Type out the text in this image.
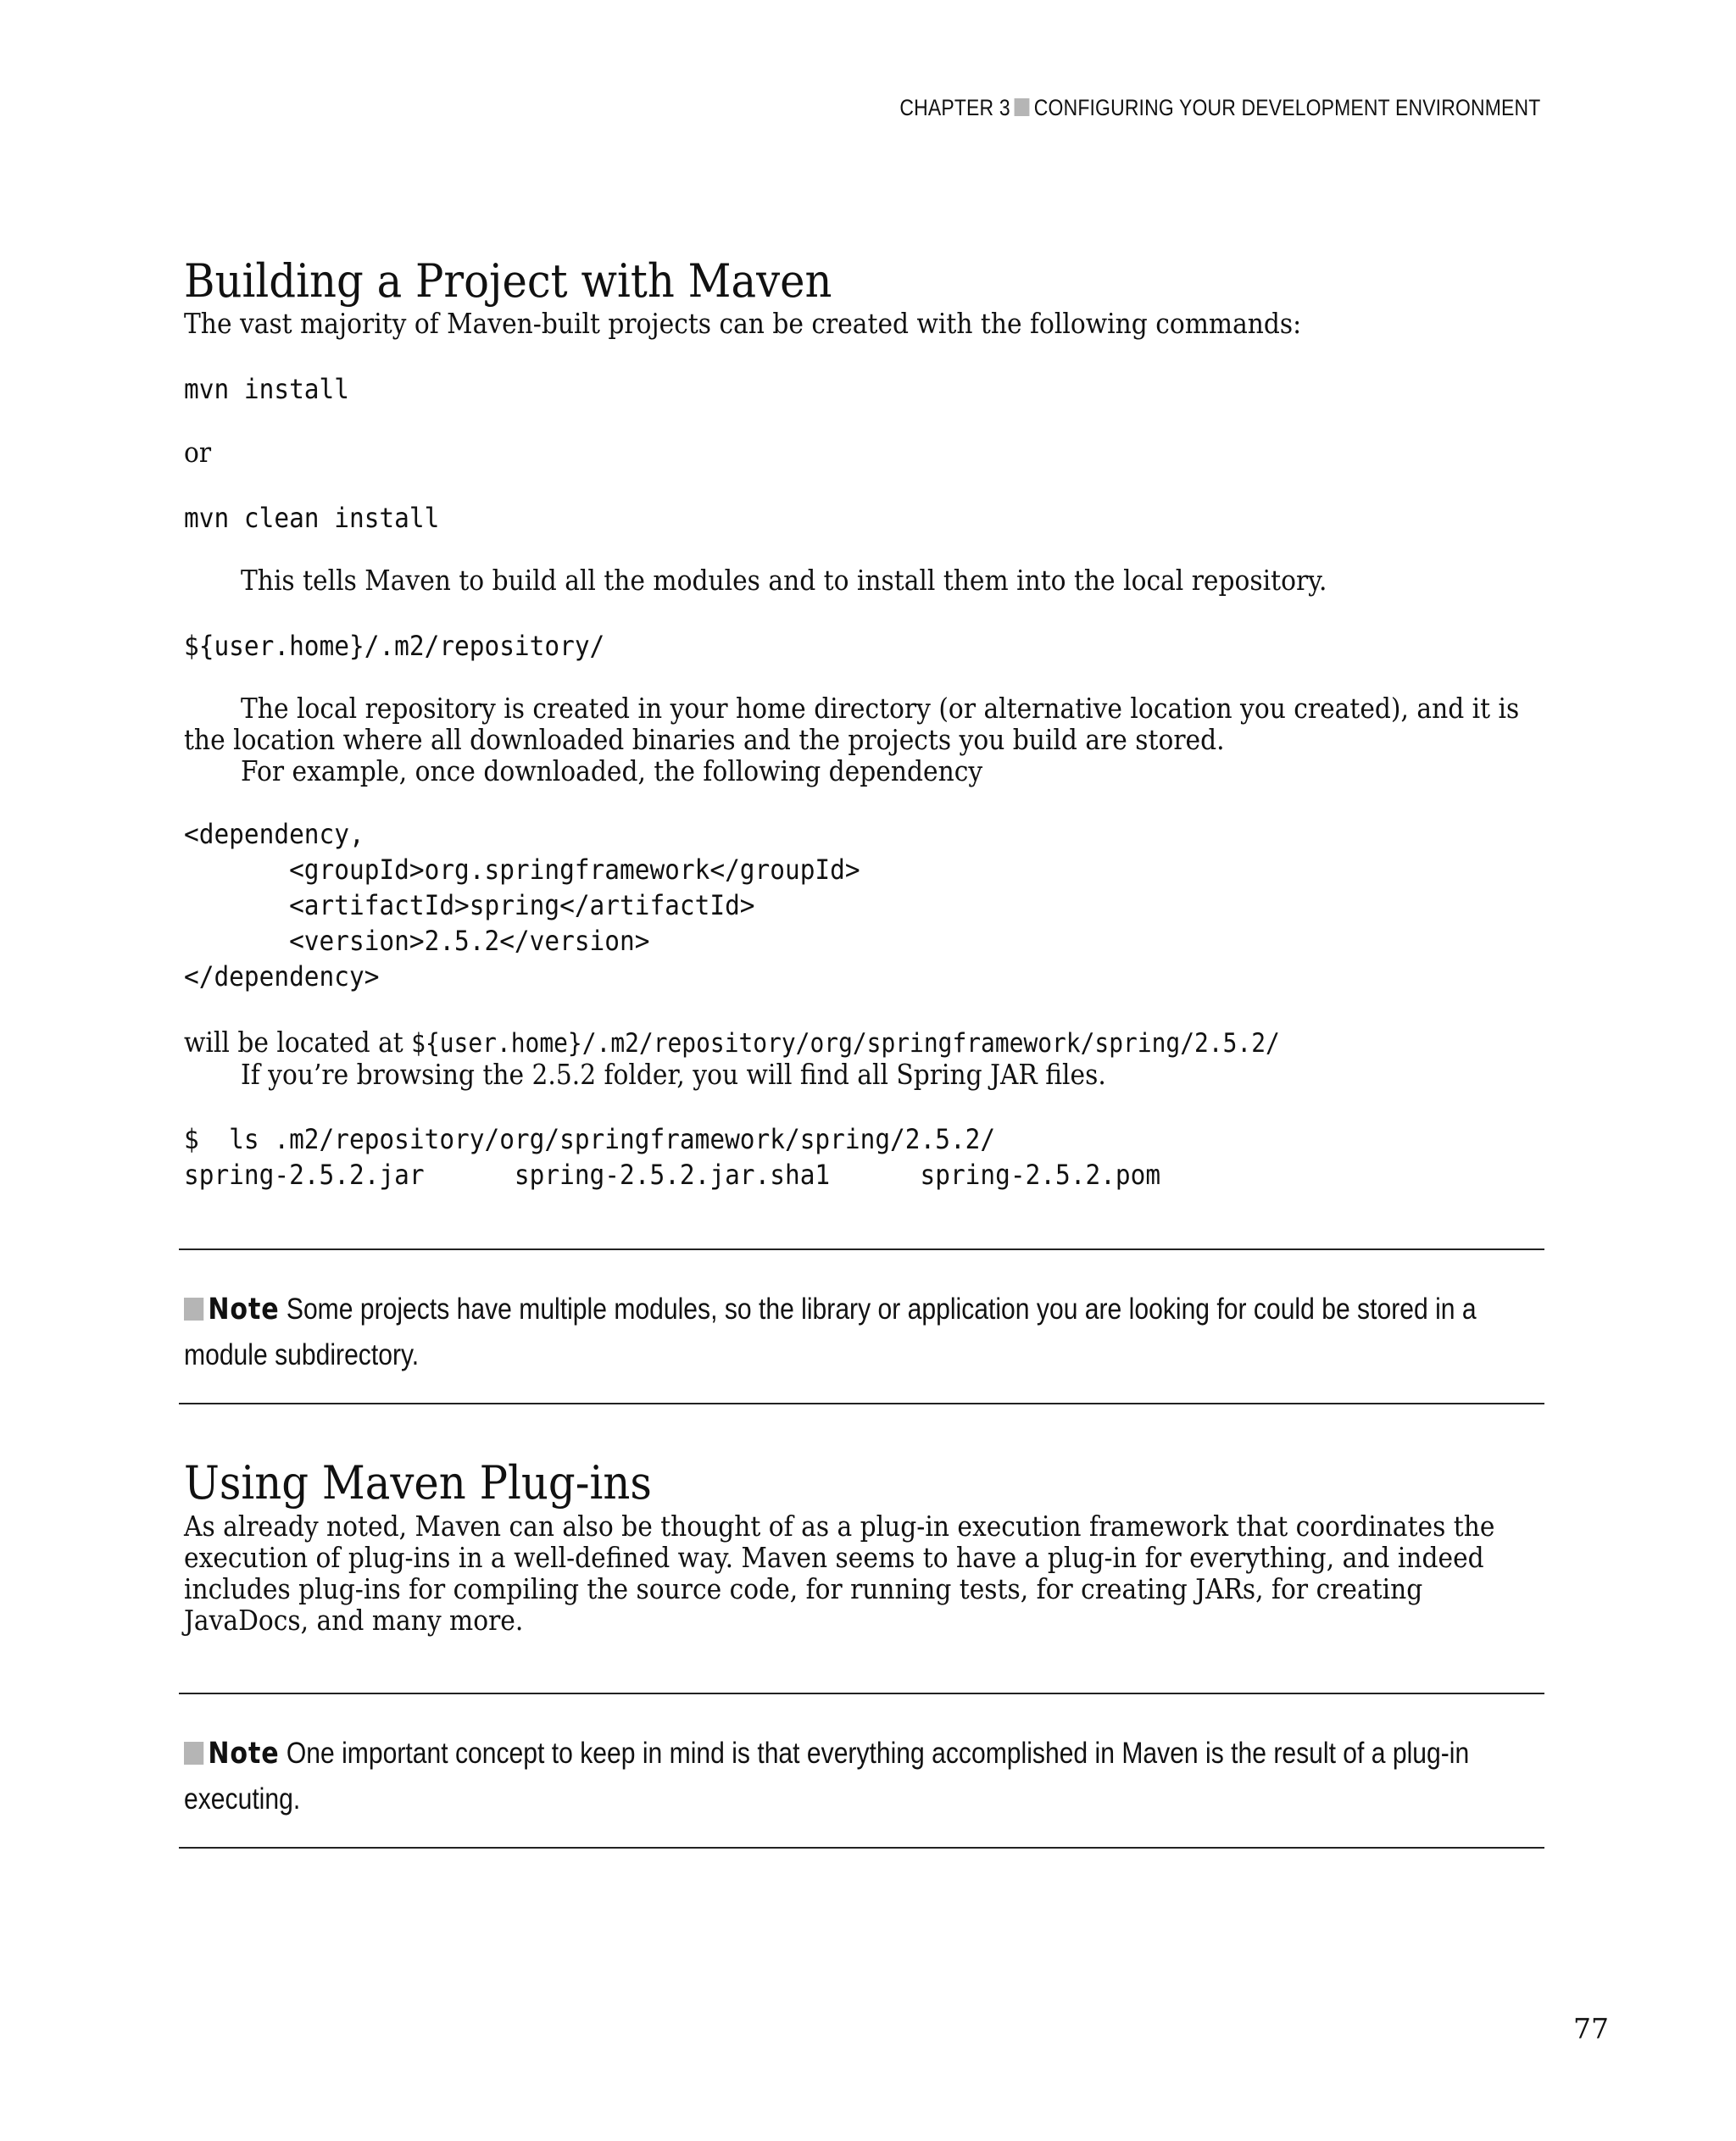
CHAPTER 3 CONFIGURING YOUR DEVELOPMENT ENVIRONMENT
Building a Project with Maven

The vast majority of Maven-built projects can be created with the following commands:

mvn install

or

mvn clean install

This tells Maven to build all the modules and to install them into the local repository.

${user.home}/.m2/repository/

The local repository is created in your home directory (or alternative location you created), and it is

the location where all downloaded binaries and the projects you build are stored.

For example, once downloaded, the following dependency

<dependency,
<groupId>org.springframework</groupId>
<artifactId>spring</artifactId>
<version>2.5.2</version>
</dependency>

will be located at ${user.home}/.m2/repository/org/springframework/spring/2.5.2/

If you’re browsing the 2.5.2 folder, you will find all Spring JAR files.

$  ls .m2/repository/org/springframework/spring/2.5.2/
spring-2.5.2.jar      spring-2.5.2.jar.sha1      spring-2.5.2.pom
Note Some projects have multiple modules, so the library or application you are looking for could be stored in a
module subdirectory.
Using Maven Plug-ins

As already noted, Maven can also be thought of as a plug-in execution framework that coordinates the

execution of plug-ins in a well-defined way. Maven seems to have a plug-in for everything, and indeed

includes plug-ins for compiling the source code, for running tests, for creating JARs, for creating

JavaDocs, and many more.

Note One important concept to keep in mind is that everything accomplished in Maven is the result of a plug-in
executing.
77
